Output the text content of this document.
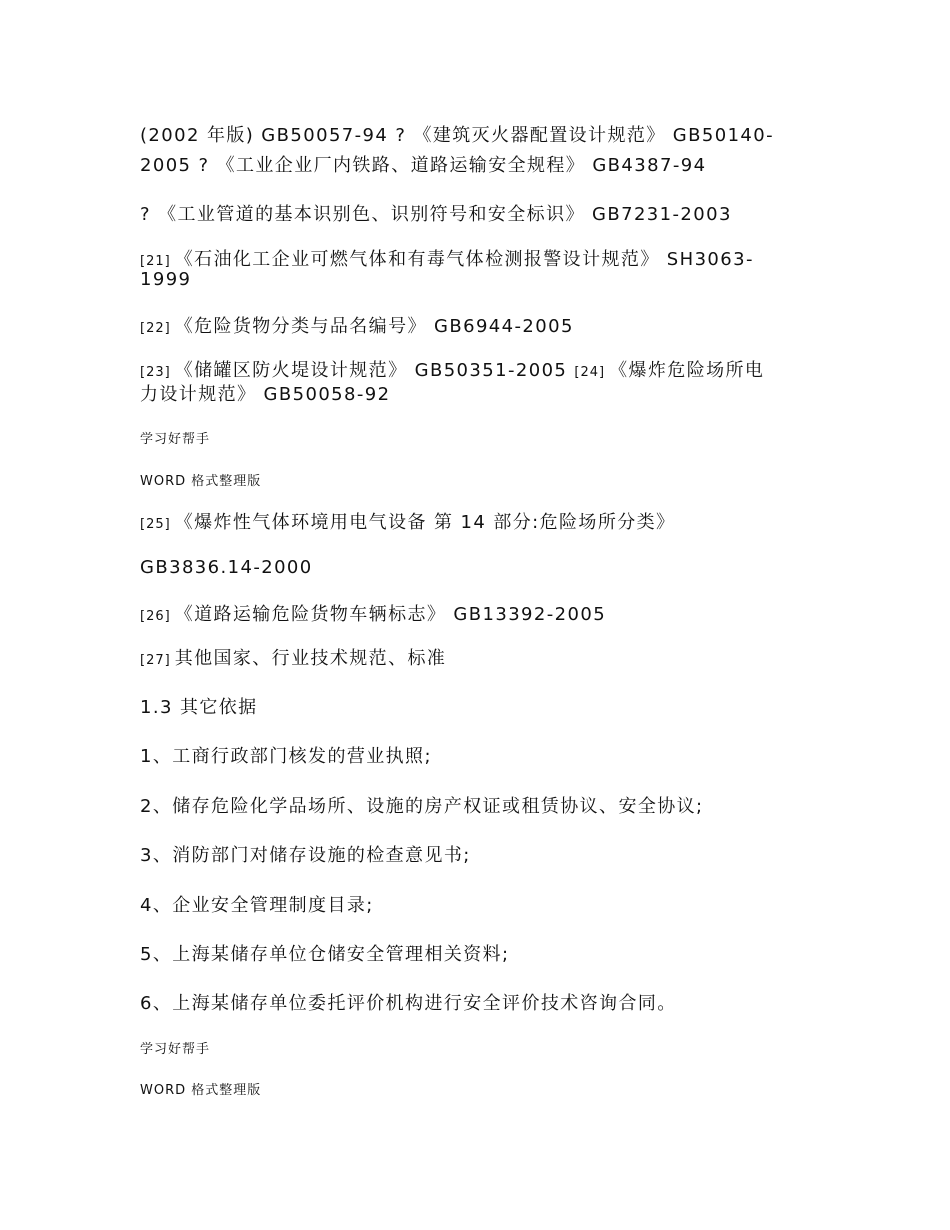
(2002 年版) GB50057-94 ? 《建筑灭火器配置设计规范》 GB50140-
2005 ? 《工业企业厂内铁路、道路运输安全规程》 GB4387-94
? 《工业管道的基本识别色、识别符号和安全标识》 GB7231-2003
[21] 《石油化工企业可燃气体和有毒气体检测报警设计规范》 SH3063-
1999
[22] 《危险货物分类与品名编号》 GB6944-2005
[23] 《储罐区防火堤设计规范》 GB50351-2005 [24] 《爆炸危险场所电
力设计规范》 GB50058-92
学习好帮手
WORD 格式整理版
[25] 《爆炸性气体环境用电气设备 第 14 部分:危险场所分类》
GB3836.14-2000
[26] 《道路运输危险货物车辆标志》 GB13392-2005
[27] 其他国家、行业技术规范、标准
1.3 其它依据
1、工商行政部门核发的营业执照;
2、储存危险化学品场所、设施的房产权证或租赁协议、安全协议;
3、消防部门对储存设施的检查意见书;
4、企业安全管理制度目录;
5、上海某储存单位仓储安全管理相关资料;
6、上海某储存单位委托评价机构进行安全评价技术咨询合同。
学习好帮手
WORD 格式整理版
